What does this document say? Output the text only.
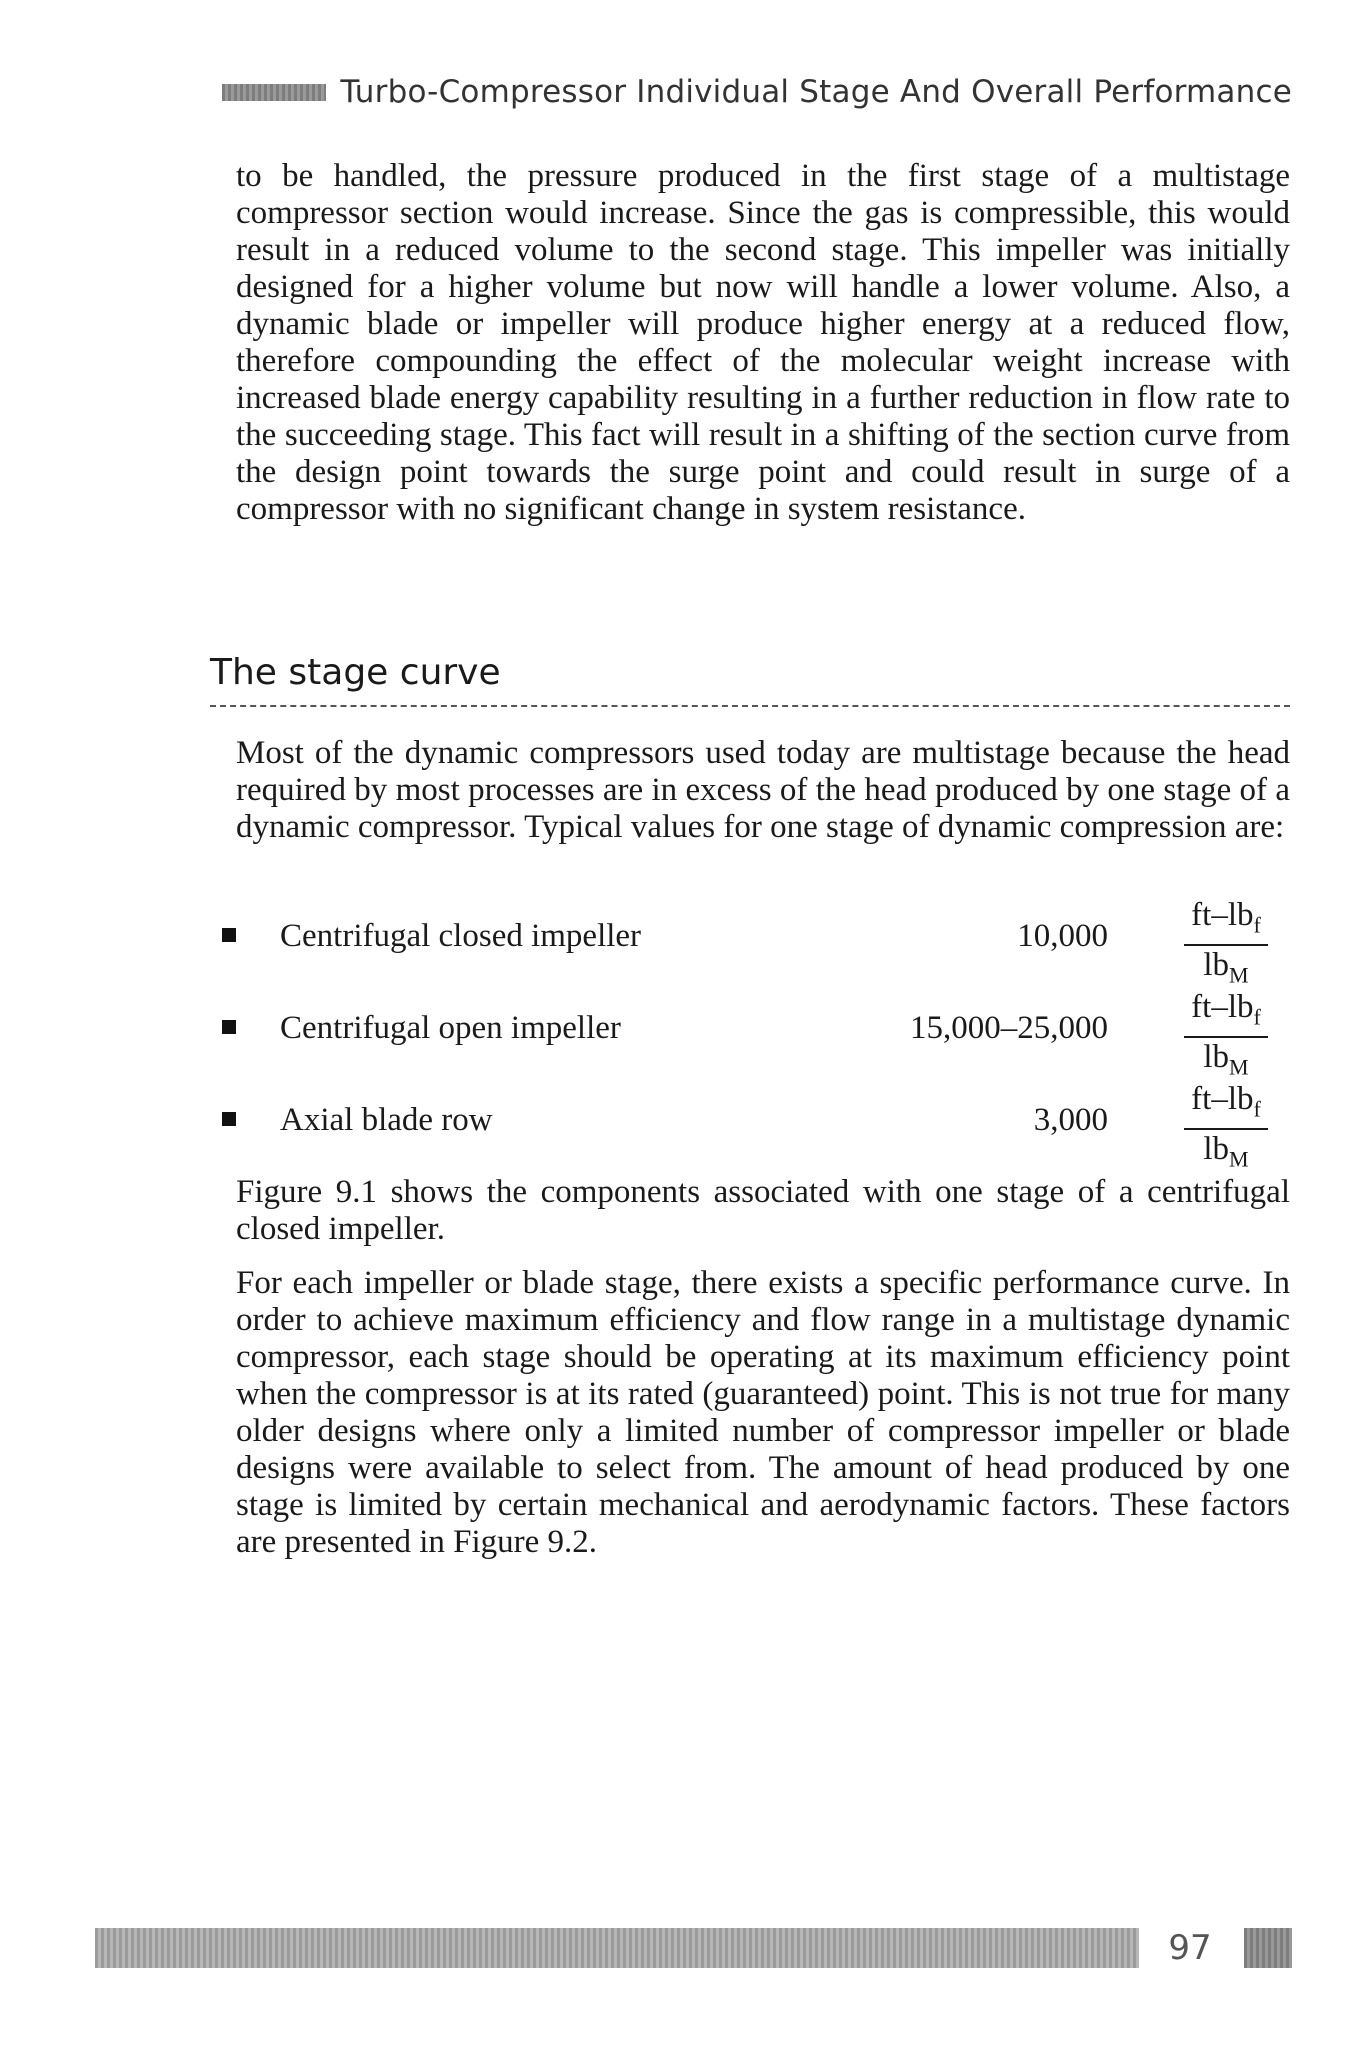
Turbo-Compressor Individual Stage And Overall Performance

to be handled, the pressure produced in the first stage of a multistage compressor section would increase. Since the gas is compressible, this would result in a reduced volume to the second stage. This impeller was initially designed for a higher volume but now will handle a lower volume. Also, a dynamic blade or impeller will produce higher energy at a reduced flow, therefore compounding the effect of the molecular weight increase with increased blade energy capability resulting in a further reduction in flow rate to the succeeding stage. This fact will result in a shifting of the section curve from the design point towards the surge point and could result in surge of a compressor with no significant change in system resistance.

The stage curve

Most of the dynamic compressors used today are multistage because the head required by most processes are in excess of the head produced by one stage of a dynamic compressor. Typical values for one stage of dynamic compression are:

Centrifugal closed impeller	10,000
$ft-lb_f$
$lb_M$
Centrifugal open impeller	15,000–25,000
$ft-lb_f$
$lb_M$
Axial blade row	3,000
$ft-lb_f$
$lb_M$

Figure 9.1 shows the components associated with one stage of a centrifugal closed impeller.

For each impeller or blade stage, there exists a specific performance curve. In order to achieve maximum efficiency and flow range in a multistage dynamic compressor, each stage should be operating at its maximum efficiency point when the compressor is at its rated (guaranteed) point. This is not true for many older designs where only a limited number of compressor impeller or blade designs were available to select from. The amount of head produced by one stage is limited by certain mechanical and aerodynamic factors. These factors are presented in Figure 9.2.

97
